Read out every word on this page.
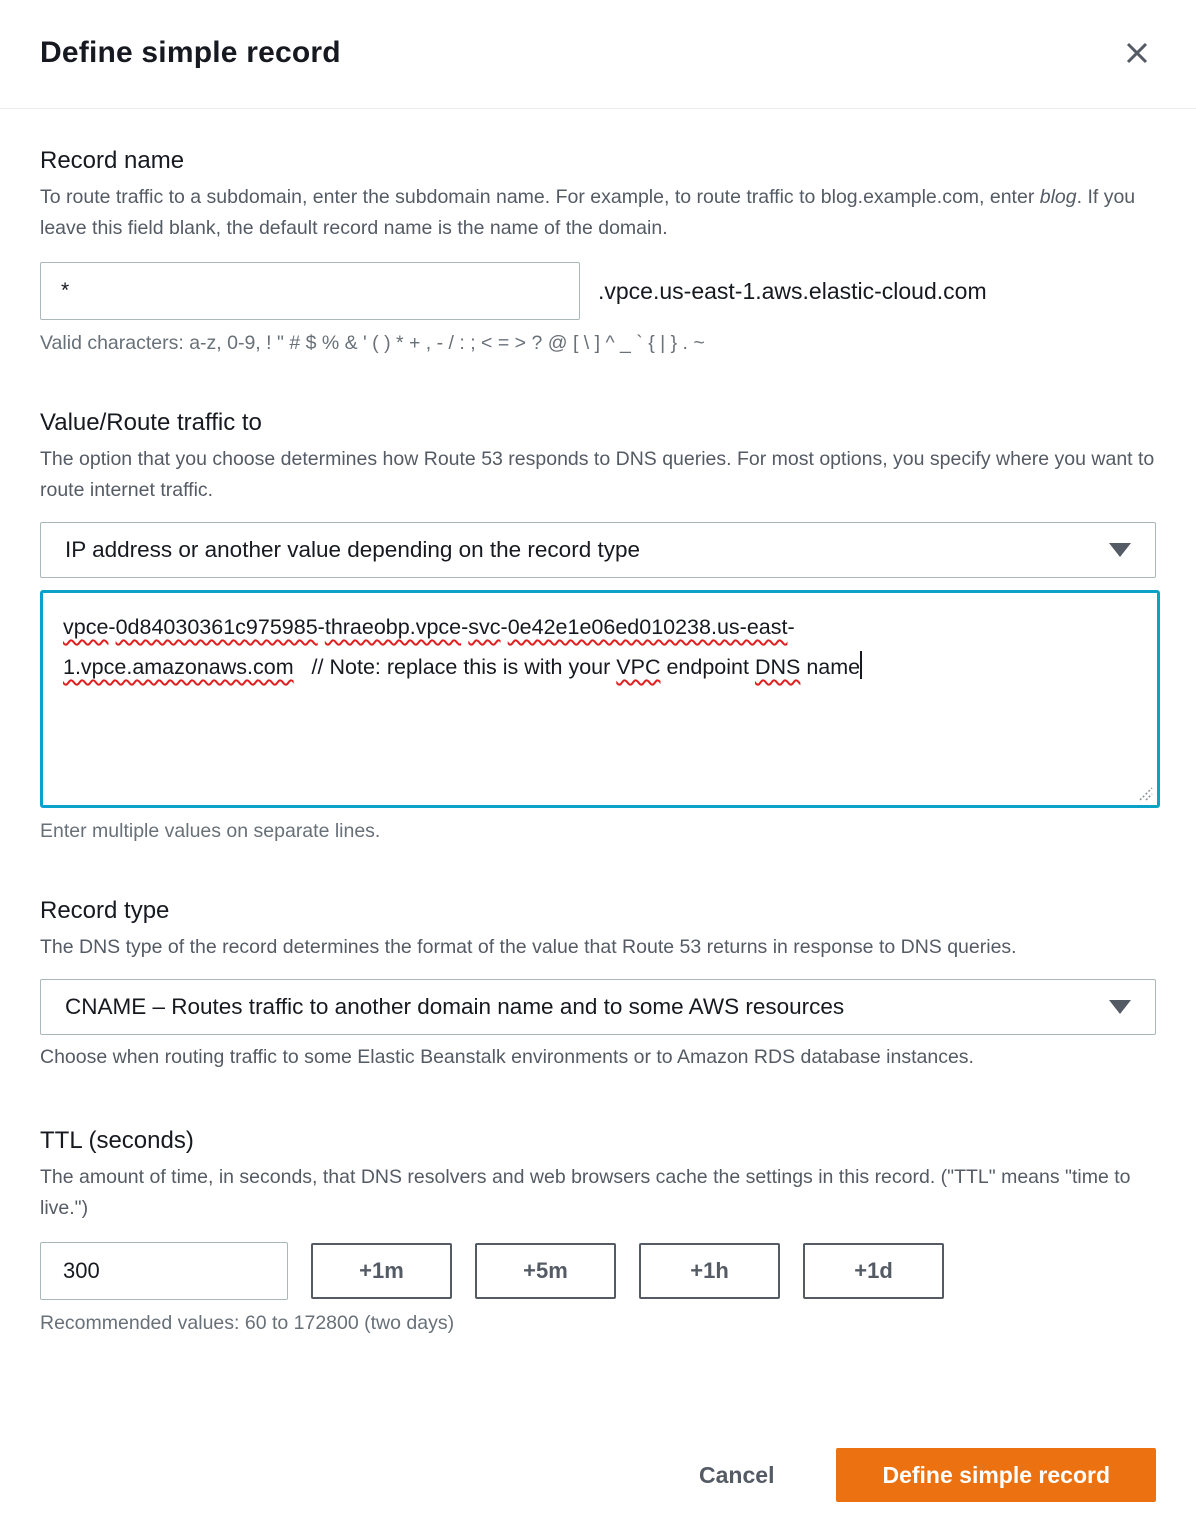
Define simple record
Record name

To route traffic to a subdomain, enter the subdomain name. For example, to route traffic to blog.example.com, enter blog. If you leave this field blank, the default record name is the name of the domain.

*
.vpce.us-east-1.aws.elastic-cloud.com

Valid characters: a-z, 0-9, ! " # $ % & ' ( ) * + , - / : ; < = > ? @ [ \ ] ^ _ ` { | } . ~

Value/Route traffic to

The option that you choose determines how Route 53 responds to DNS queries. For most options, you specify where you want to route internet traffic.

IP address or another value depending on the record type
vpce-0d84030361c975985-thraeobp.vpce-svc-0e42e1e06ed010238.us-east-
1.vpce.amazonaws.com   // Note: replace this is with your VPC endpoint DNS name

Enter multiple values on separate lines.

Record type

The DNS type of the record determines the format of the value that Route 53 returns in response to DNS queries.

CNAME – Routes traffic to another domain name and to some AWS resources

Choose when routing traffic to some Elastic Beanstalk environments or to Amazon RDS database instances.

TTL (seconds)

The amount of time, in seconds, that DNS resolvers and web browsers cache the settings in this record. ("TTL" means "time to live.")

300
+1m	+5m	+1h	+1d

Recommended values: 60 to 172800 (two days)

Cancel	Define simple record
